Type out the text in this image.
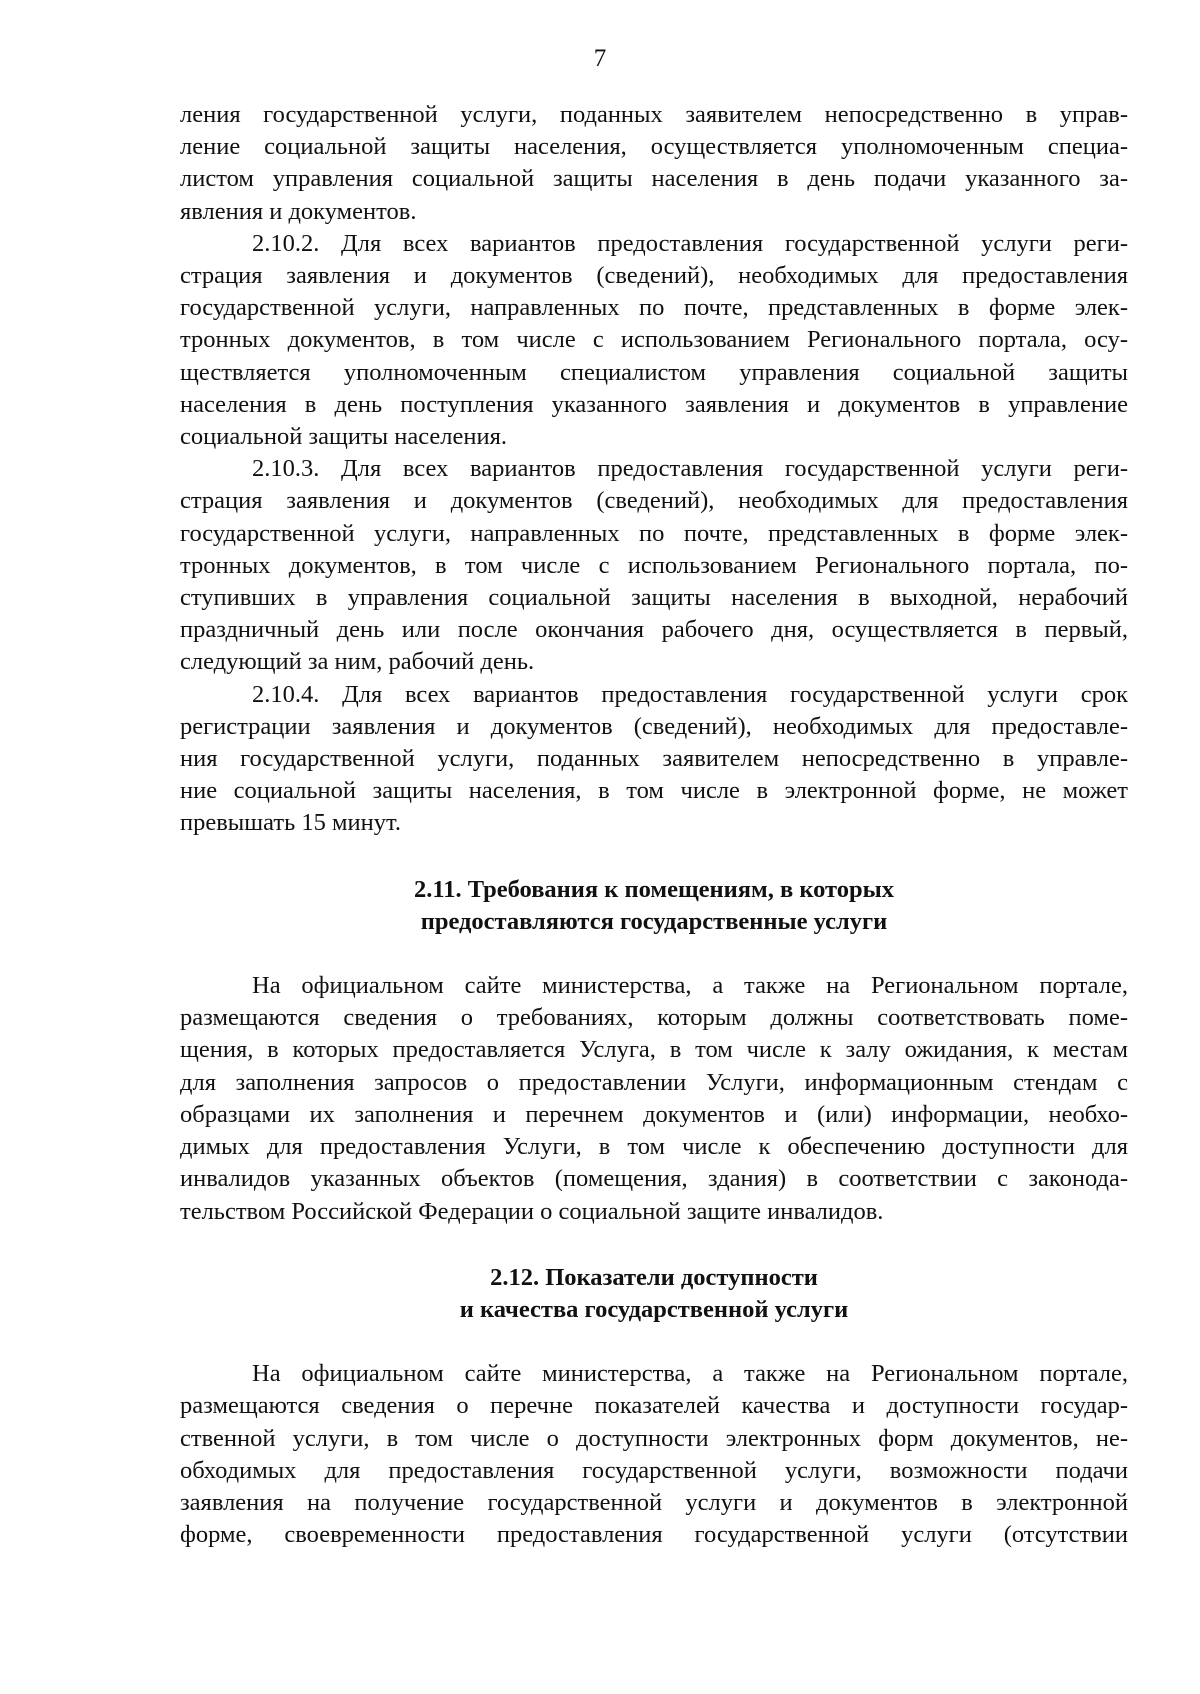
7
ления государственной услуги, поданных заявителем непосредственно в управ-
ление социальной защиты населения, осуществляется уполномоченным специа-
листом управления социальной защиты населения в день подачи указанного за-
явления и документов.
2.10.2. Для всех вариантов предоставления государственной услуги реги-
страция заявления и документов (сведений), необходимых для предоставления
государственной услуги, направленных по почте, представленных в форме элек-
тронных документов, в том числе с использованием Регионального портала, осу-
ществляется уполномоченным специалистом управления социальной защиты
населения в день поступления указанного заявления и документов в управление
социальной защиты населения.
2.10.3. Для всех вариантов предоставления государственной услуги реги-
страция заявления и документов (сведений), необходимых для предоставления
государственной услуги, направленных по почте, представленных в форме элек-
тронных документов, в том числе с использованием Регионального портала, по-
ступивших в управления социальной защиты населения в выходной, нерабочий
праздничный день или после окончания рабочего дня, осуществляется в первый,
следующий за ним, рабочий день.
2.10.4. Для всех вариантов предоставления государственной услуги срок
регистрации заявления и документов (сведений), необходимых для предоставле-
ния государственной услуги, поданных заявителем непосредственно в управле-
ние социальной защиты населения, в том числе в электронной форме, не может
превышать 15 минут.
2.11. Требования к помещениям, в которых
предоставляются государственные услуги
На официальном сайте министерства, а также на Региональном портале,
размещаются сведения о требованиях, которым должны соответствовать поме-
щения, в которых предоставляется Услуга, в том числе к залу ожидания, к местам
для заполнения запросов о предоставлении Услуги, информационным стендам с
образцами их заполнения и перечнем документов и (или) информации, необхо-
димых для предоставления Услуги, в том числе к обеспечению доступности для
инвалидов указанных объектов (помещения, здания) в соответствии с законода-
тельством Российской Федерации о социальной защите инвалидов.
2.12. Показатели доступности
и качества государственной услуги
На официальном сайте министерства, а также на Региональном портале,
размещаются сведения о перечне показателей качества и доступности государ-
ственной услуги, в том числе о доступности электронных форм документов, не-
обходимых для предоставления государственной услуги, возможности подачи
заявления на получение государственной услуги и документов в электронной
форме, своевременности предоставления государственной услуги (отсутствии
